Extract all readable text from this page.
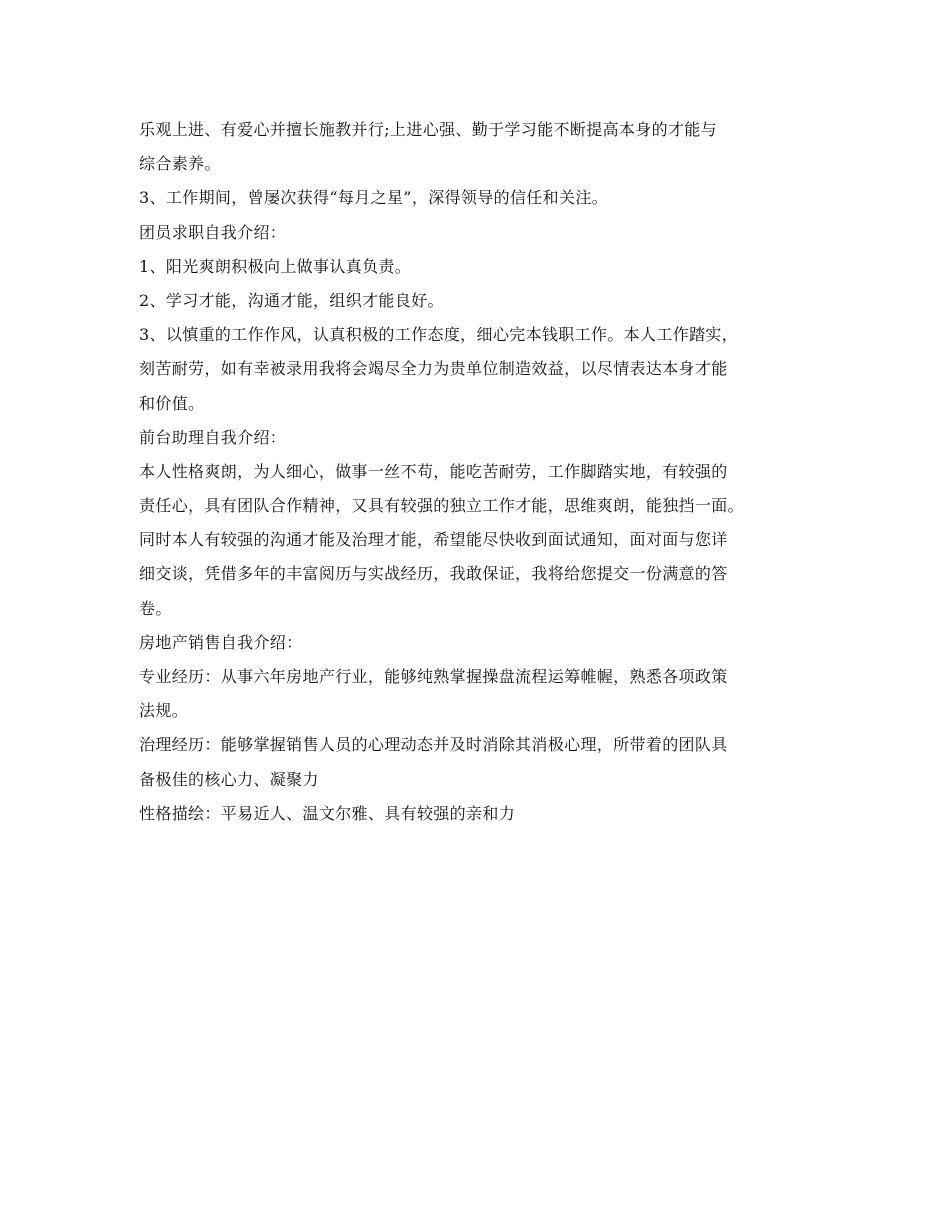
乐观上进、有爱心并擅长施教并行;上进心强、勤于学习能不断提高本身的才能与
综合素养。
3、工作期间，曾屡次获得“每月之星”，深得领导的信任和关注。
团员求职自我介绍：
1、阳光爽朗积极向上做事认真负责。
2、学习才能，沟通才能，组织才能良好。
3、以慎重的工作作风，认真积极的工作态度，细心完本钱职工作。本人工作踏实，
刻苦耐劳，如有幸被录用我将会竭尽全力为贵单位制造效益，以尽情表达本身才能
和价值。
前台助理自我介绍：
本人性格爽朗，为人细心，做事一丝不苟，能吃苦耐劳，工作脚踏实地，有较强的
责任心，具有团队合作精神，又具有较强的独立工作才能，思维爽朗，能独挡一面。
同时本人有较强的沟通才能及治理才能，希望能尽快收到面试通知，面对面与您详
细交谈，凭借多年的丰富阅历与实战经历，我敢保证，我将给您提交一份满意的答
卷。
房地产销售自我介绍：
专业经历：从事六年房地产行业，能够纯熟掌握操盘流程运筹帷幄，熟悉各项政策
法规。
治理经历：能够掌握销售人员的心理动态并及时消除其消极心理，所带着的团队具
备极佳的核心力、凝聚力
性格描绘：平易近人、温文尔雅、具有较强的亲和力
